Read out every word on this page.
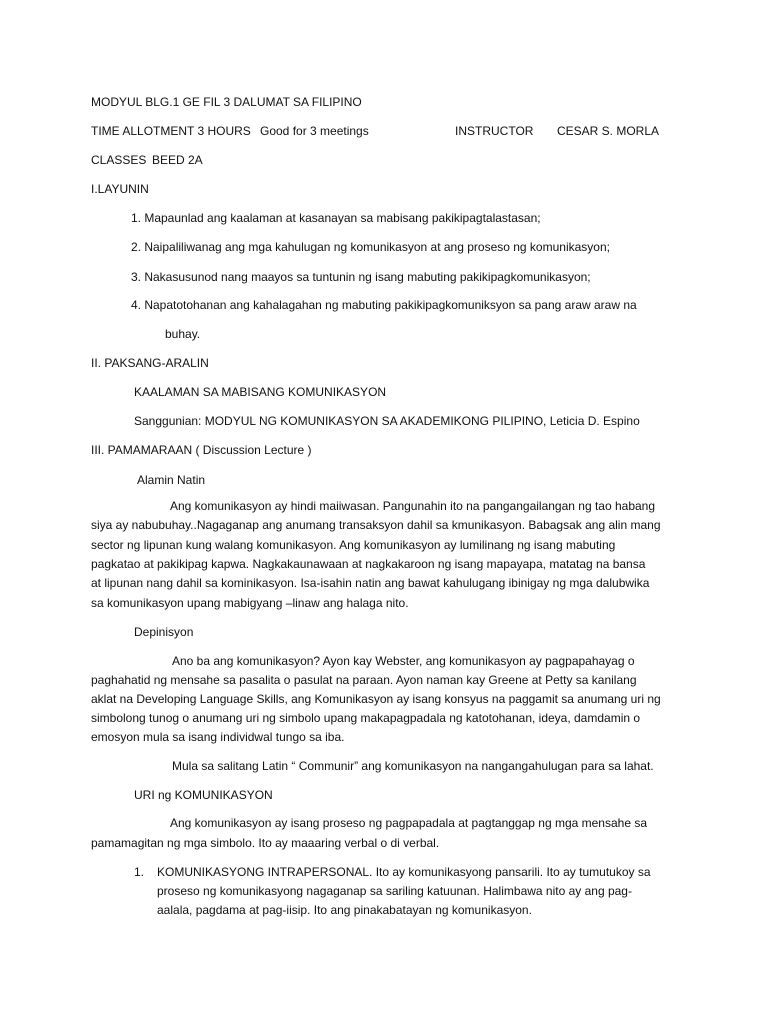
MODYUL BLG.1 GE FIL 3 DALUMAT SA FILIPINO
TIME ALLOTMENT 3 HOURS Good for 3 meetings	INSTRUCTOR CESAR S. MORLA
CLASSES BEED 2A
I.LAYUNIN
1. Mapaunlad ang kaalaman at kasanayan sa mabisang pakikipagtalastasan;
2. Naipaliliwanag ang mga kahulugan ng komunikasyon at ang proseso ng komunikasyon;
3. Nakasusunod nang maayos sa tuntunin ng isang mabuting pakikipagkomunikasyon;
4. Napatotohanan ang kahalagahan ng mabuting pakikipagkomuniksyon sa pang araw araw na
buhay.
II. PAKSANG-ARALIN
KAALAMAN SA MABISANG KOMUNIKASYON
Sanggunian: MODYUL NG KOMUNIKASYON SA AKADEMIKONG PILIPINO, Leticia D. Espino
III. PAMAMARAAN ( Discussion Lecture )
Alamin Natin
Ang komunikasyon ay hindi maiiwasan. Pangunahin ito na pangangailangan ng tao habang
siya ay nabubuhay..Nagaganap ang anumang transaksyon dahil sa kmunikasyon. Babagsak ang alin mang
sector ng lipunan kung walang komunikasyon. Ang komunikasyon ay lumilinang ng isang mabuting
pagkatao at pakikipag kapwa. Nagkakaunawaan at nagkakaroon ng isang mapayapa, matatag na bansa
at lipunan nang dahil sa kominikasyon. Isa-isahin natin ang bawat kahulugang ibinigay ng mga dalubwika
sa komunikasyon upang mabigyang –linaw ang halaga nito.
Depinisyon
Ano ba ang komunikasyon? Ayon kay Webster, ang komunikasyon ay pagpapahayag o
paghahatid ng mensahe sa pasalita o pasulat na paraan. Ayon naman kay Greene at Petty sa kanilang
aklat na Developing Language Skills, ang Komunikasyon ay isang konsyus na paggamit sa anumang uri ng
simbolong tunog o anumang uri ng simbolo upang makapagpadala ng katotohanan, ideya, damdamin o
emosyon mula sa isang individwal tungo sa iba.
Mula sa salitang Latin “ Communir” ang komunikasyon na nangangahulugan para sa lahat.
URI ng KOMUNIKASYON
Ang komunikasyon ay isang proseso ng pagpapadala at pagtanggap ng mga mensahe sa
pamamagitan ng mga simbolo. Ito ay maaaring verbal o di verbal.
1. KOMUNIKASYONG INTRAPERSONAL. Ito ay komunikasyong pansarili. Ito ay tumutukoy sa
proseso ng komunikasyong nagaganap sa sariling katuunan. Halimbawa nito ay ang pag-
aalala, pagdama at pag-iisip. Ito ang pinakabatayan ng komunikasyon.
